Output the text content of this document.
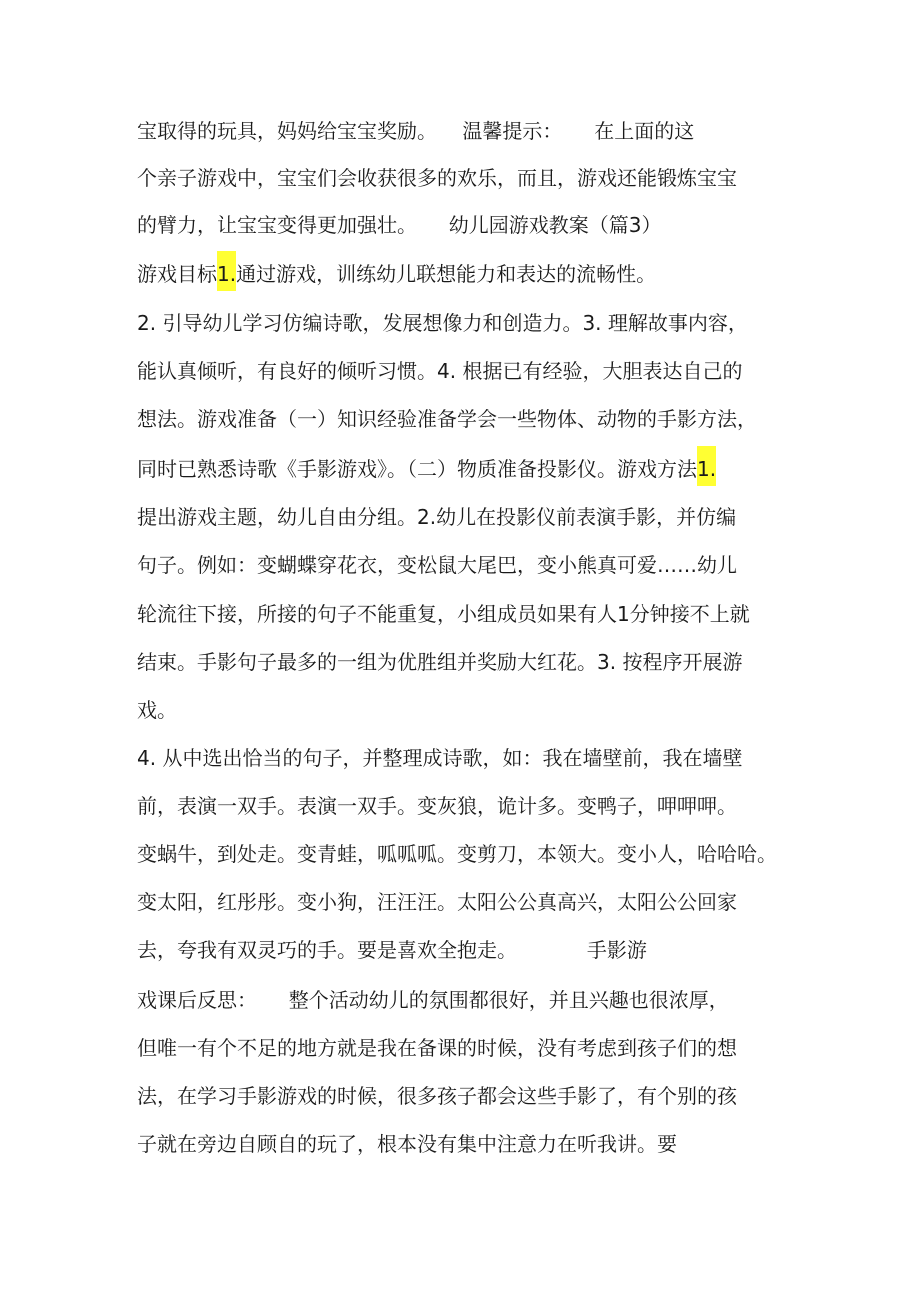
宝取得的玩具，妈妈给宝宝奖励。    温馨提示：     在上面的这
个亲子游戏中，宝宝们会收获很多的欢乐，而且，游戏还能锻炼宝宝
的臂力，让宝宝变得更加强壮。     幼儿园游戏教案（篇3）
游戏目标1.通过游戏，训练幼儿联想能力和表达的流畅性。
2. 引导幼儿学习仿编诗歌，发展想像力和创造力。3. 理解故事内容，
能认真倾听，有良好的倾听习惯。4. 根据已有经验，大胆表达自己的
想法。游戏准备（一）知识经验准备学会一些物体、动物的手影方法，
同时已熟悉诗歌《手影游戏》。（二）物质准备投影仪。游戏方法1.
提出游戏主题，幼儿自由分组。2.幼儿在投影仪前表演手影，并仿编
句子。例如：变蝴蝶穿花衣，变松鼠大尾巴，变小熊真可爱……幼儿
轮流往下接，所接的句子不能重复，小组成员如果有人1分钟接不上就
结束。手影句子最多的一组为优胜组并奖励大红花。3. 按程序开展游
戏。
4. 从中选出恰当的句子，并整理成诗歌，如：我在墙壁前，我在墙壁
前，表演一双手。表演一双手。变灰狼，诡计多。变鸭子，呷呷呷。
变蜗牛，到处走。变青蛙，呱呱呱。变剪刀，本领大。变小人，哈哈哈。
变太阳，红彤彤。变小狗，汪汪汪。太阳公公真高兴，太阳公公回家
去，夸我有双灵巧的手。要是喜欢全抱走。           手影游
戏课后反思：     整个活动幼儿的氛围都很好，并且兴趣也很浓厚，
但唯一有个不足的地方就是我在备课的时候，没有考虑到孩子们的想
法，在学习手影游戏的时候，很多孩子都会这些手影了，有个别的孩
子就在旁边自顾自的玩了，根本没有集中注意力在听我讲。要
